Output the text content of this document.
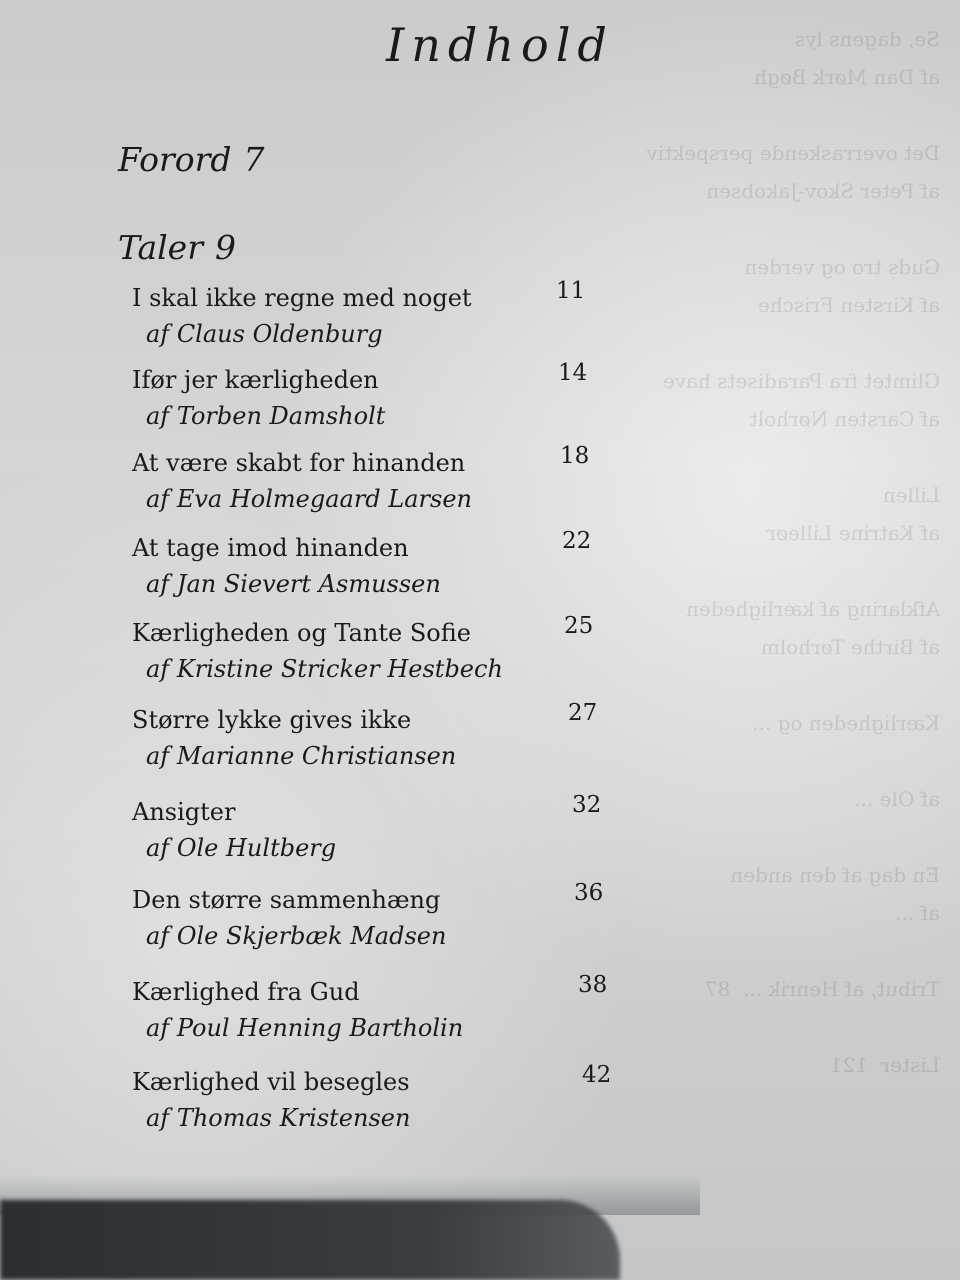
Se, dagens lys
af Dan Mørk Bøgh

Det overraskende perspektiv
af Peter Skov-Jakobsen

Guds tro og verden
af Kirsten Frische

Glimtet fra Paradisets have
af Carsten Nørholt

Lillen
af Katrine Lilleør

Afklaring af kærligheden
af Birthe Tørholm

Kærligheden og ...

af Ole ...

En dag af den anden
af ...

Tribut, af Henrik ...  87

Lister  121
Indhold
Forord 7
Taler 9
I skal ikke regne med noget
af Claus Oldenburg
11
Ifør jer kærligheden
af Torben Damsholt
14
At være skabt for hinanden
af Eva Holmegaard Larsen
18
At tage imod hinanden
af Jan Sievert Asmussen
22
Kærligheden og Tante Sofie
af Kristine Stricker Hestbech
25
Større lykke gives ikke
af Marianne Christiansen
27
Ansigter
af Ole Hultberg
32
Den større sammenhæng
af Ole Skjerbæk Madsen
36
Kærlighed fra Gud
af Poul Henning Bartholin
38
Kærlighed vil besegles
af Thomas Kristensen
42
